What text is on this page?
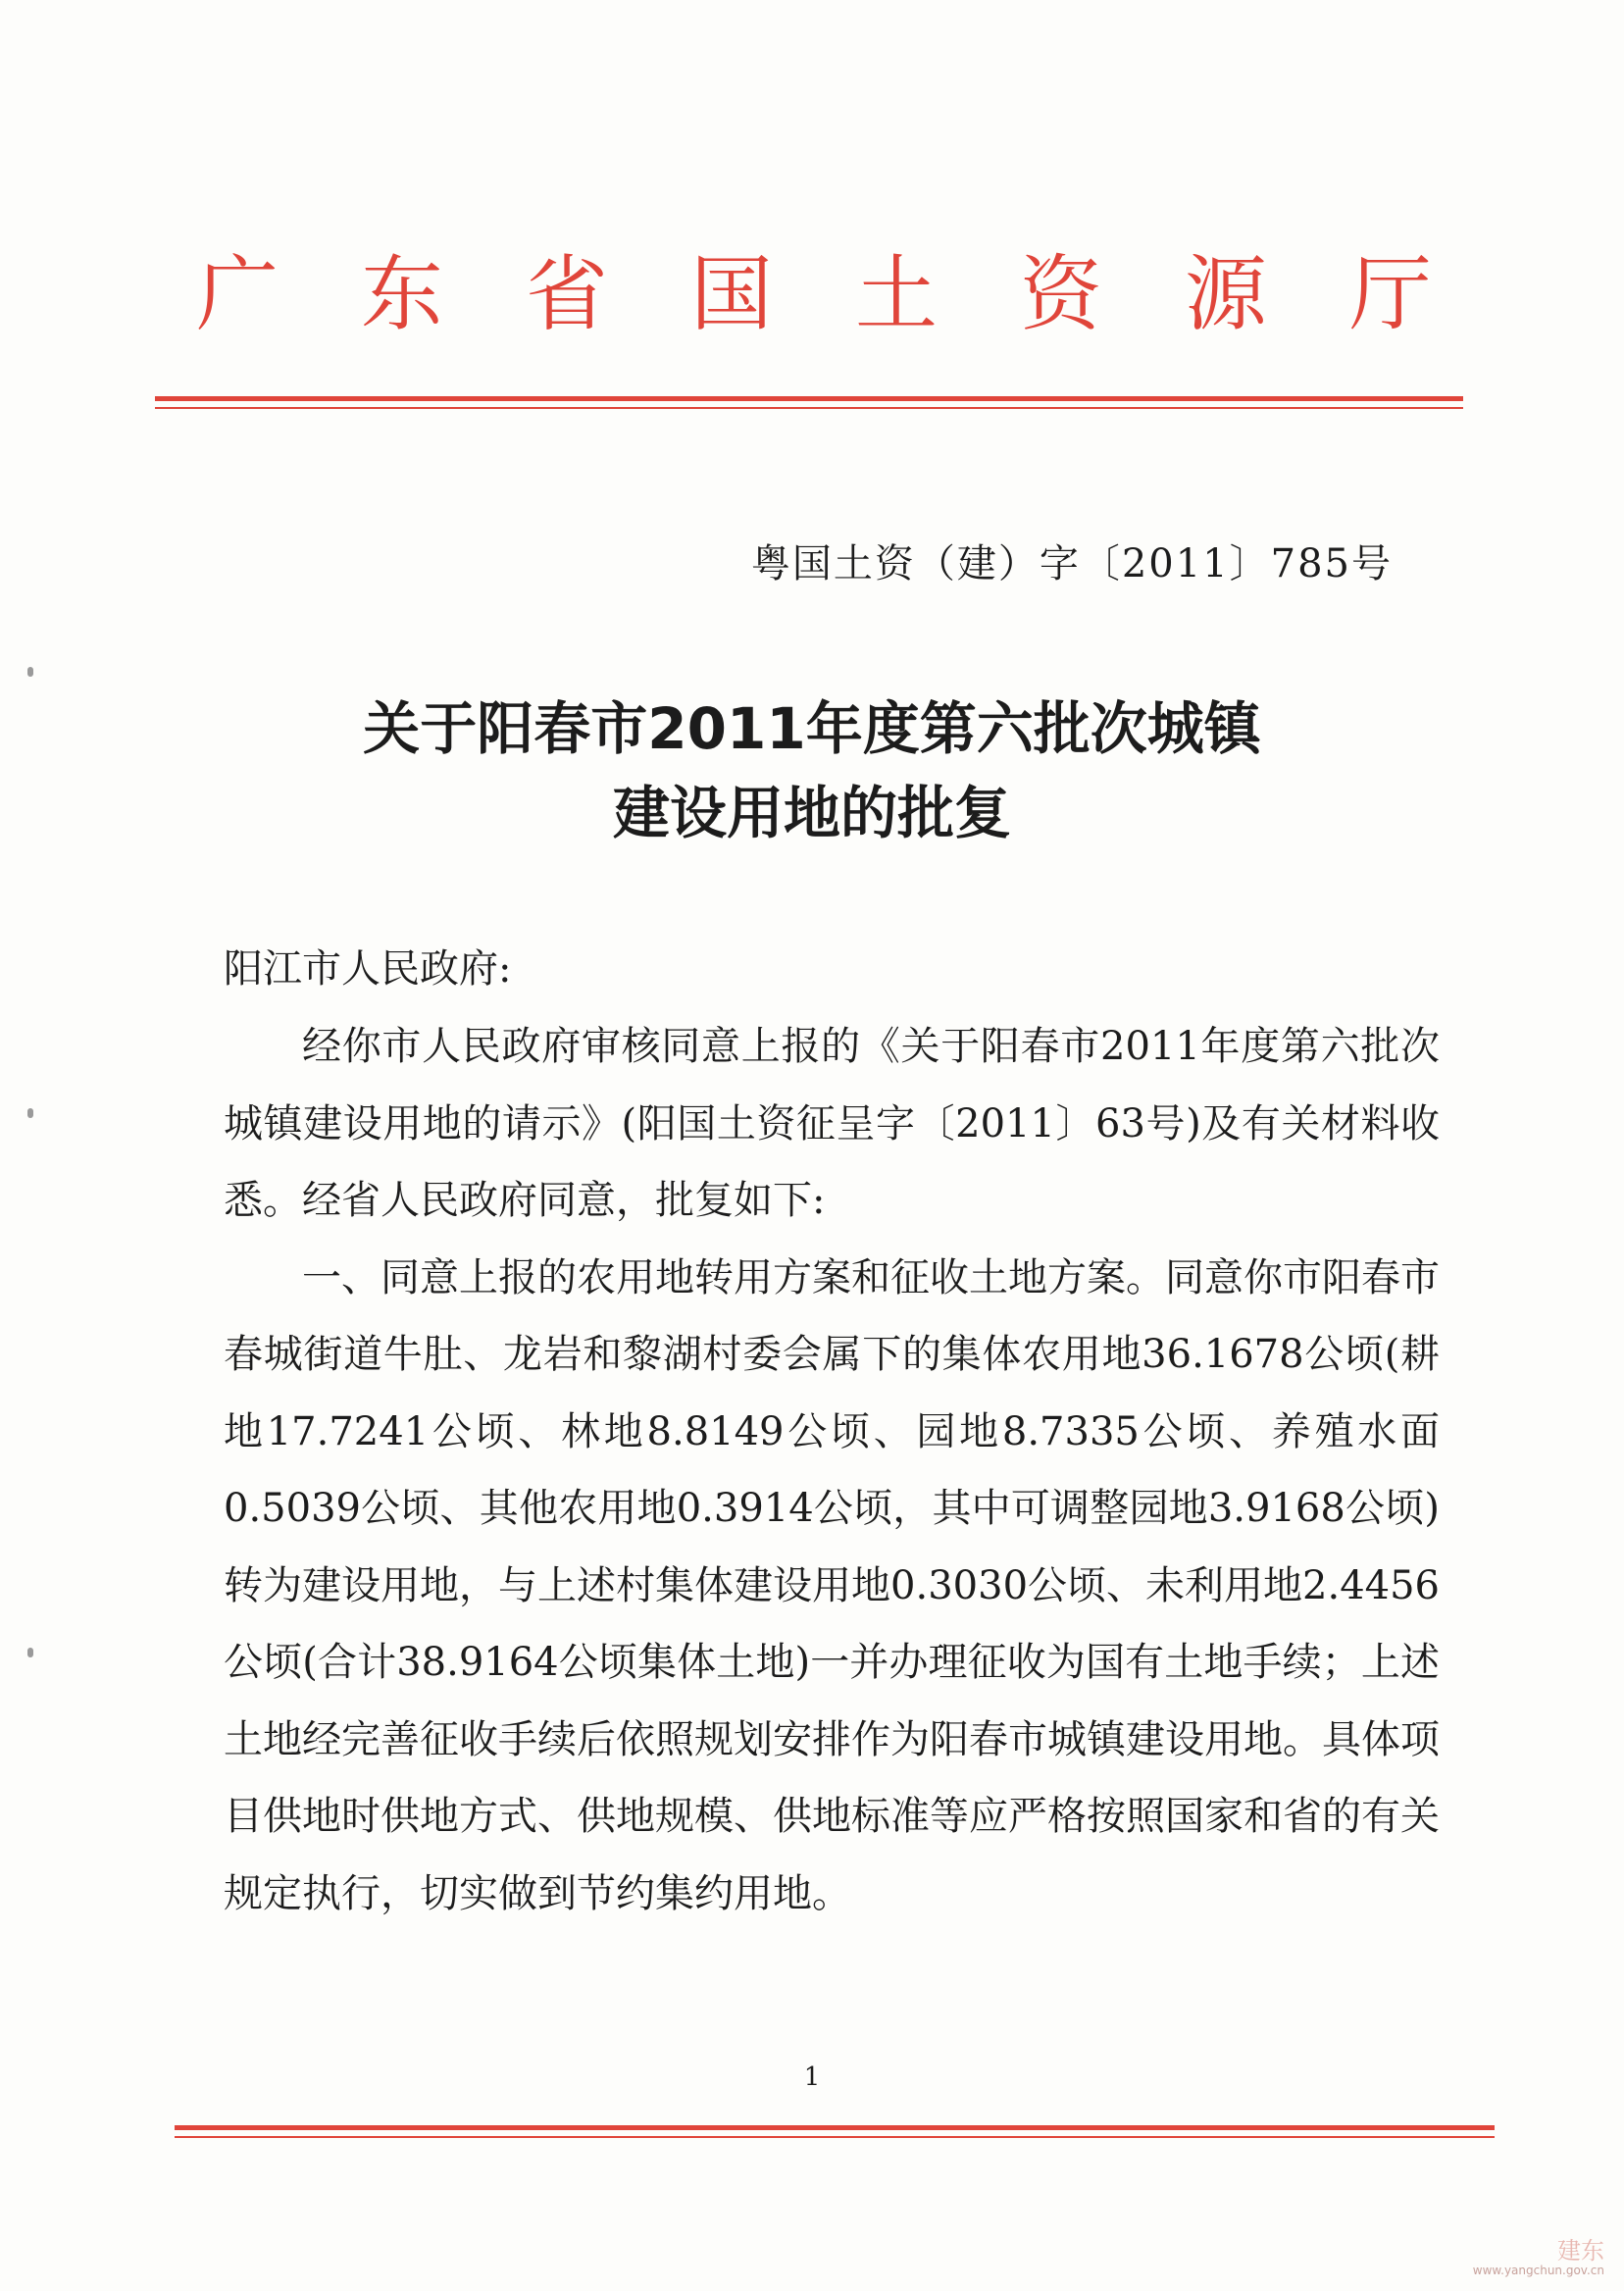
广 东 省 国 土 资 源 厅
粤国土资（建）字〔2011〕785号
关于阳春市2011年度第六批次城镇
建设用地的批复
阳江市人民政府:

经你市人民政府审核同意上报的《关于阳春市2011年度第六批次城镇建设用地的请示》(阳国土资征呈字〔2011〕63号)及有关材料收悉。经省人民政府同意，批复如下:

一、同意上报的农用地转用方案和征收土地方案。同意你市阳春市春城街道牛肚、龙岩和黎湖村委会属下的集体农用地36.1678公顷(耕地17.7241公顷、林地8.8149公顷、园地8.7335公顷、养殖水面0.5039公顷、其他农用地0.3914公顷，其中可调整园地3.9168公顷)转为建设用地，与上述村集体建设用地0.3030公顷、未利用地2.4456公顷(合计38.9164公顷集体土地)一并办理征收为国有土地手续；上述土地经完善征收手续后依照规划安排作为阳春市城镇建设用地。具体项目供地时供地方式、供地规模、供地标准等应严格按照国家和省的有关规定执行，切实做到节约集约用地。

1
建东
www.yangchun.gov.cn
